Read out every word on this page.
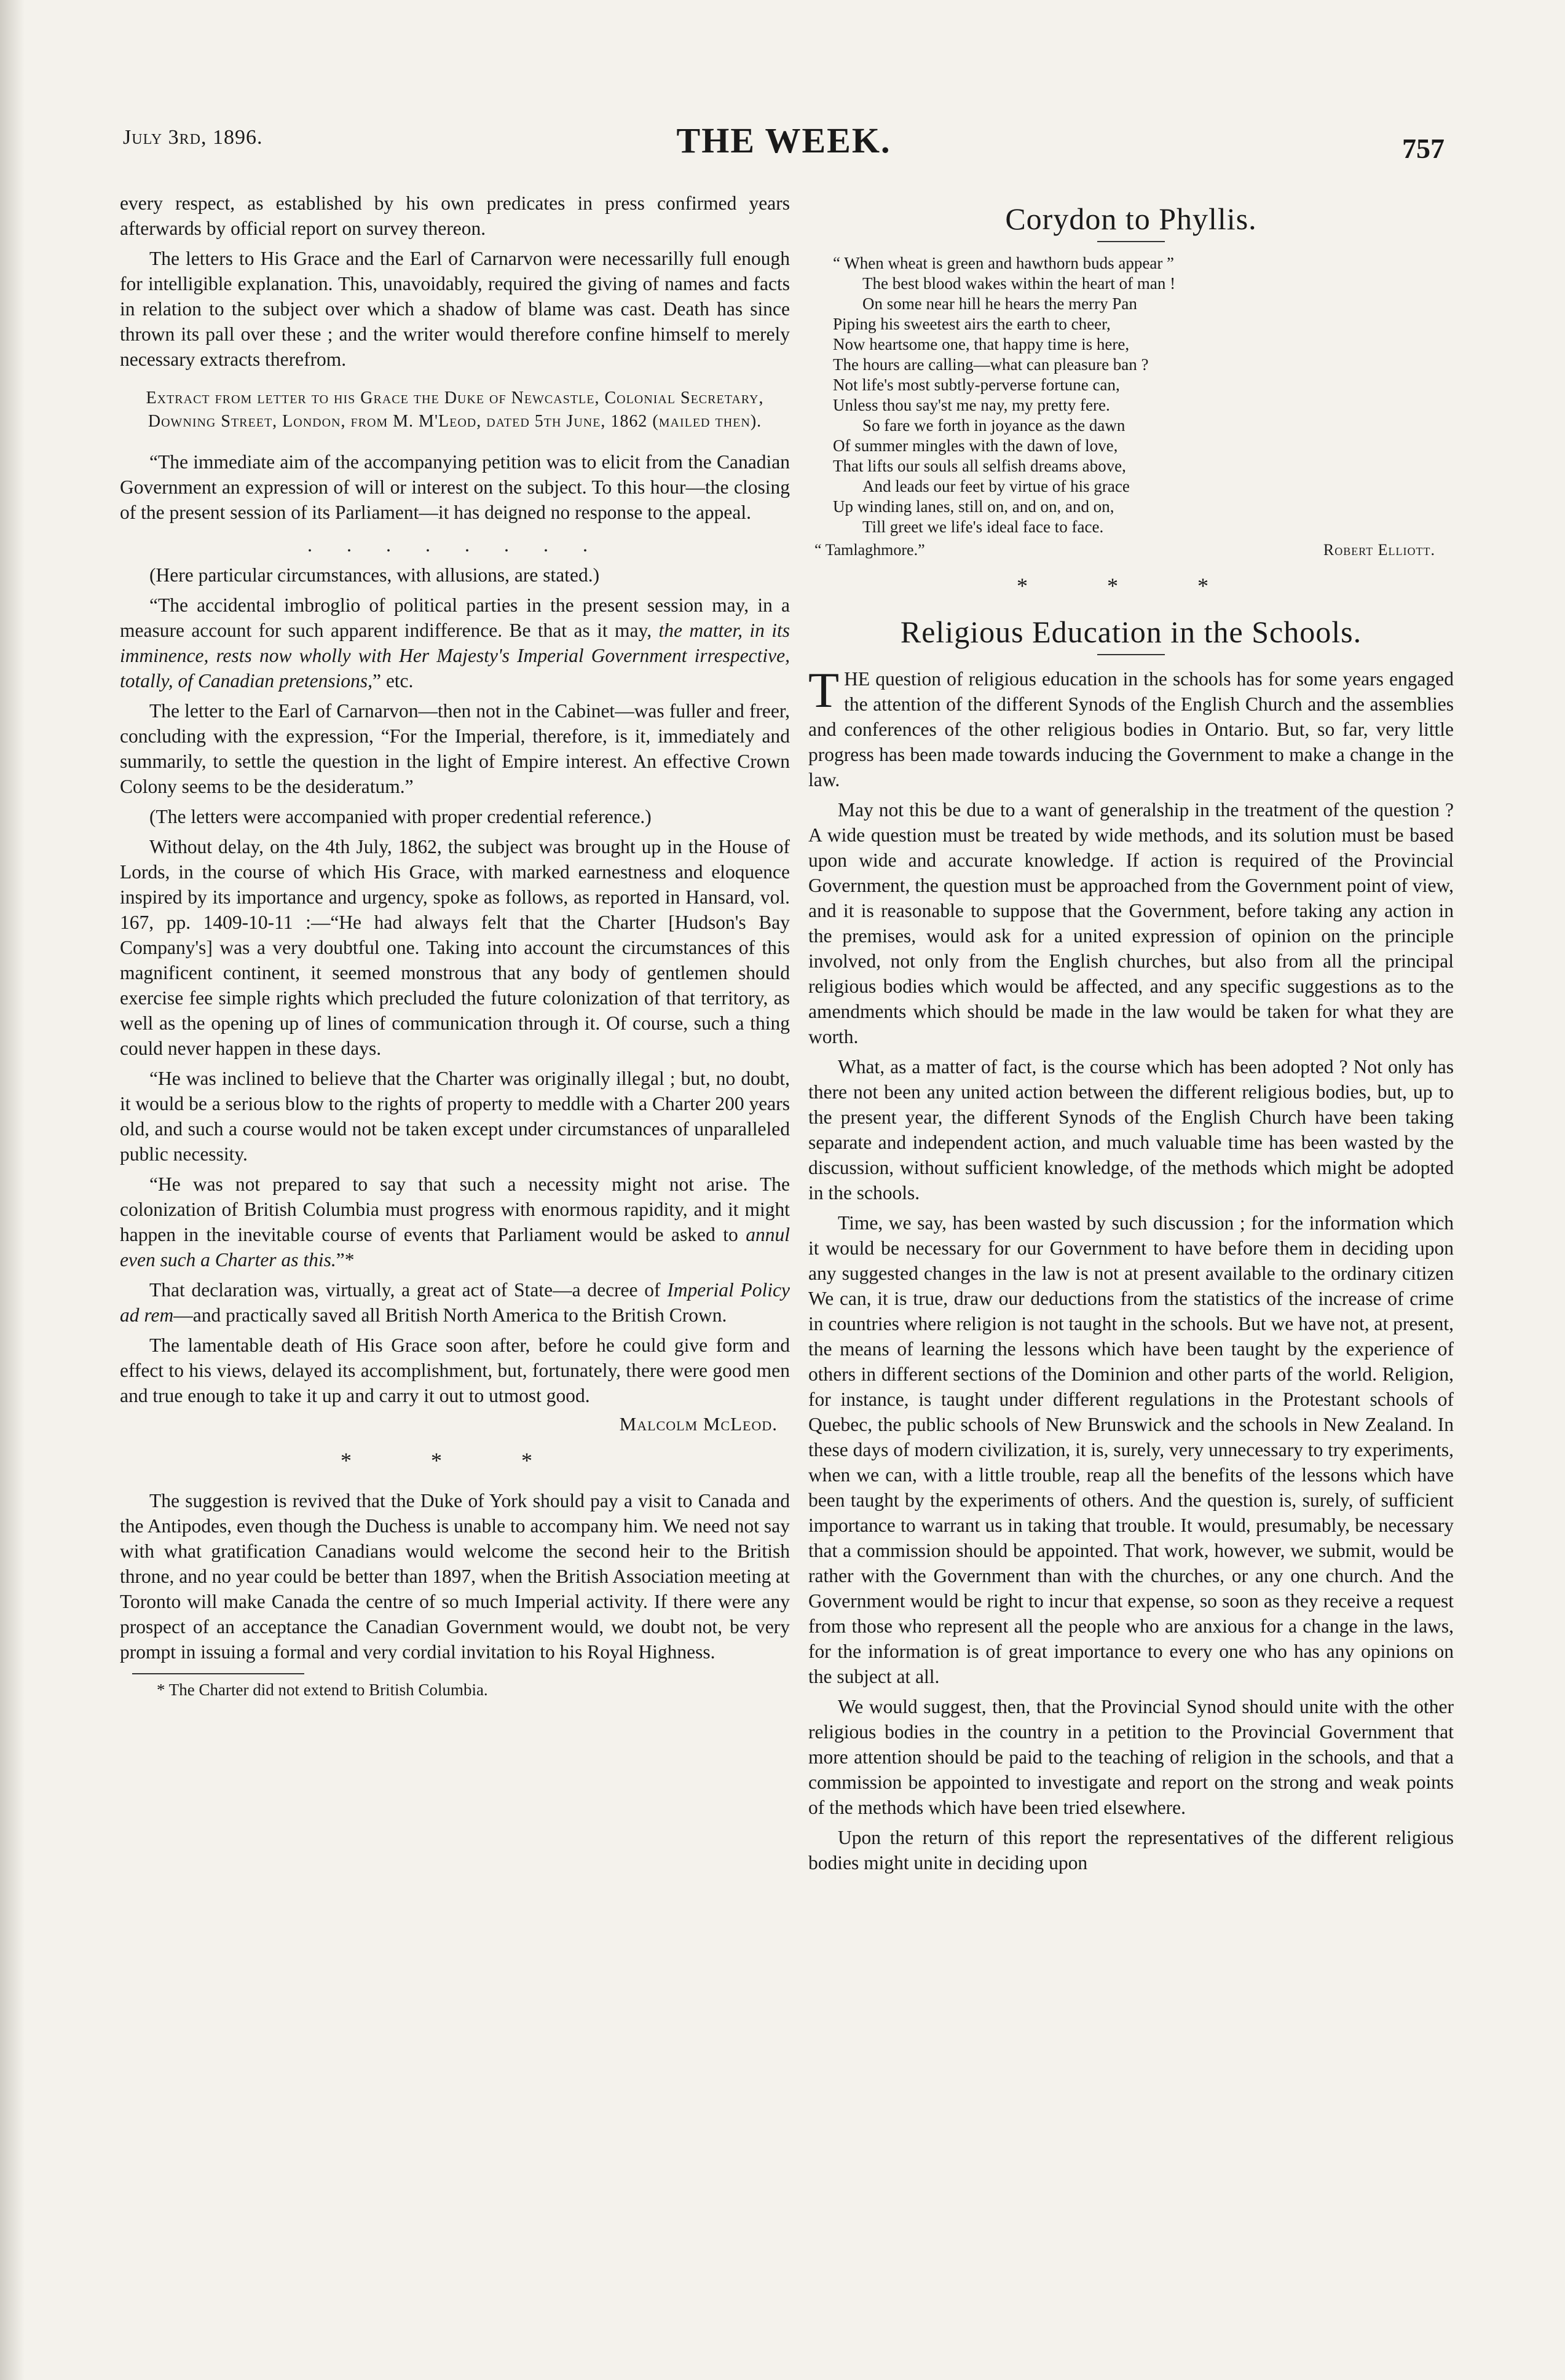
July 3rd, 1896.	THE WEEK.	757

every respect, as established by his own predicates in press confirmed years afterwards by official report on survey thereon.

The letters to His Grace and the Earl of Carnarvon were necessarilly full enough for intelligible explanation. This, unavoidably, required the giving of names and facts in relation to the subject over which a shadow of blame was cast. Death has since thrown its pall over these ; and the writer would therefore confine himself to merely necessary extracts therefrom.

Extract from letter to his Grace the Duke of Newcastle, Colonial Secretary, Downing Street, London, from M. M'Leod, dated 5th June, 1862 (mailed then).

“The immediate aim of the accompanying petition was to elicit from the Canadian Government an expression of will or interest on the subject. To this hour—the closing of the present session of its Parliament—it has deigned no response to the appeal.

. . . . . . . .

(Here particular circumstances, with allusions, are stated.)

“The accidental imbroglio of political parties in the present session may, in a measure account for such apparent indifference. Be that as it may, the matter, in its imminence, rests now wholly with Her Majesty's Imperial Government irrespective, totally, of Canadian pretensions,” etc.

The letter to the Earl of Carnarvon—then not in the Cabinet—was fuller and freer, concluding with the expression, “For the Imperial, therefore, is it, immediately and summarily, to settle the question in the light of Empire interest. An effective Crown Colony seems to be the desideratum.”

(The letters were accompanied with proper credential reference.)

Without delay, on the 4th July, 1862, the subject was brought up in the House of Lords, in the course of which His Grace, with marked earnestness and eloquence inspired by its importance and urgency, spoke as follows, as reported in Hansard, vol. 167, pp. 1409-10-11 :—“He had always felt that the Charter [Hudson's Bay Company's] was a very doubtful one. Taking into account the circumstances of this magnificent continent, it seemed monstrous that any body of gentlemen should exercise fee simple rights which precluded the future colonization of that territory, as well as the opening up of lines of communication through it. Of course, such a thing could never happen in these days.

“He was inclined to believe that the Charter was originally illegal ; but, no doubt, it would be a serious blow to the rights of property to meddle with a Charter 200 years old, and such a course would not be taken except under circumstances of unparalleled public necessity.

“He was not prepared to say that such a necessity might not arise. The colonization of British Columbia must progress with enormous rapidity, and it might happen in the inevitable course of events that Parliament would be asked to annul even such a Charter as this.”*

That declaration was, virtually, a great act of State—a decree of Imperial Policy ad rem—and practically saved all British North America to the British Crown.

The lamentable death of His Grace soon after, before he could give form and effect to his views, delayed its accomplishment, but, fortunately, there were good men and true enough to take it up and carry it out to utmost good.

Malcolm McLeod.
* * *

The suggestion is revived that the Duke of York should pay a visit to Canada and the Antipodes, even though the Duchess is unable to accompany him. We need not say with what gratification Canadians would welcome the second heir to the British throne, and no year could be better than 1897, when the British Association meeting at Toronto will make Canada the centre of so much Imperial activity. If there were any prospect of an acceptance the Canadian Government would, we doubt not, be very prompt in issuing a formal and very cordial invitation to his Royal Highness.

* The Charter did not extend to British Columbia.
Corydon to Phyllis.
“ When wheat is green and hawthorn buds appear ”
The best blood wakes within the heart of man !
On some near hill he hears the merry Pan
Piping his sweetest airs the earth to cheer,
Now heartsome one, that happy time is here,
The hours are calling—what can pleasure ban ?
Not life's most subtly-perverse fortune can,
Unless thou say'st me nay, my pretty fere.
So fare we forth in joyance as the dawn
Of summer mingles with the dawn of love,
That lifts our souls all selfish dreams above,
And leads our feet by virtue of his grace
Up winding lanes, still on, and on, and on,
Till greet we life's ideal face to face.
“ Tamlaghmore.”	Robert Elliott.
* * *
Religious Education in the Schools.

THE question of religious education in the schools has for some years engaged the attention of the different Synods of the English Church and the assemblies and conferences of the other religious bodies in Ontario. But, so far, very little progress has been made towards inducing the Government to make a change in the law.

May not this be due to a want of generalship in the treatment of the question ? A wide question must be treated by wide methods, and its solution must be based upon wide and accurate knowledge. If action is required of the Provincial Government, the question must be approached from the Government point of view, and it is reasonable to suppose that the Government, before taking any action in the premises, would ask for a united expression of opinion on the principle involved, not only from the English churches, but also from all the principal religious bodies which would be affected, and any specific suggestions as to the amendments which should be made in the law would be taken for what they are worth.

What, as a matter of fact, is the course which has been adopted ? Not only has there not been any united action between the different religious bodies, but, up to the present year, the different Synods of the English Church have been taking separate and independent action, and much valuable time has been wasted by the discussion, without sufficient knowledge, of the methods which might be adopted in the schools.

Time, we say, has been wasted by such discussion ; for the information which it would be necessary for our Government to have before them in deciding upon any suggested changes in the law is not at present available to the ordinary citizen We can, it is true, draw our deductions from the statistics of the increase of crime in countries where religion is not taught in the schools. But we have not, at present, the means of learning the lessons which have been taught by the experience of others in different sections of the Dominion and other parts of the world. Religion, for instance, is taught under different regulations in the Protestant schools of Quebec, the public schools of New Brunswick and the schools in New Zealand. In these days of modern civilization, it is, surely, very unnecessary to try experiments, when we can, with a little trouble, reap all the benefits of the lessons which have been taught by the experiments of others. And the question is, surely, of sufficient importance to warrant us in taking that trouble. It would, presumably, be necessary that a commission should be appointed. That work, however, we submit, would be rather with the Government than with the churches, or any one church. And the Government would be right to incur that expense, so soon as they receive a request from those who represent all the people who are anxious for a change in the laws, for the information is of great importance to every one who has any opinions on the subject at all.

We would suggest, then, that the Provincial Synod should unite with the other religious bodies in the country in a petition to the Provincial Government that more attention should be paid to the teaching of religion in the schools, and that a commission be appointed to investigate and report on the strong and weak points of the methods which have been tried elsewhere.

Upon the return of this report the representatives of the different religious bodies might unite in deciding upon
